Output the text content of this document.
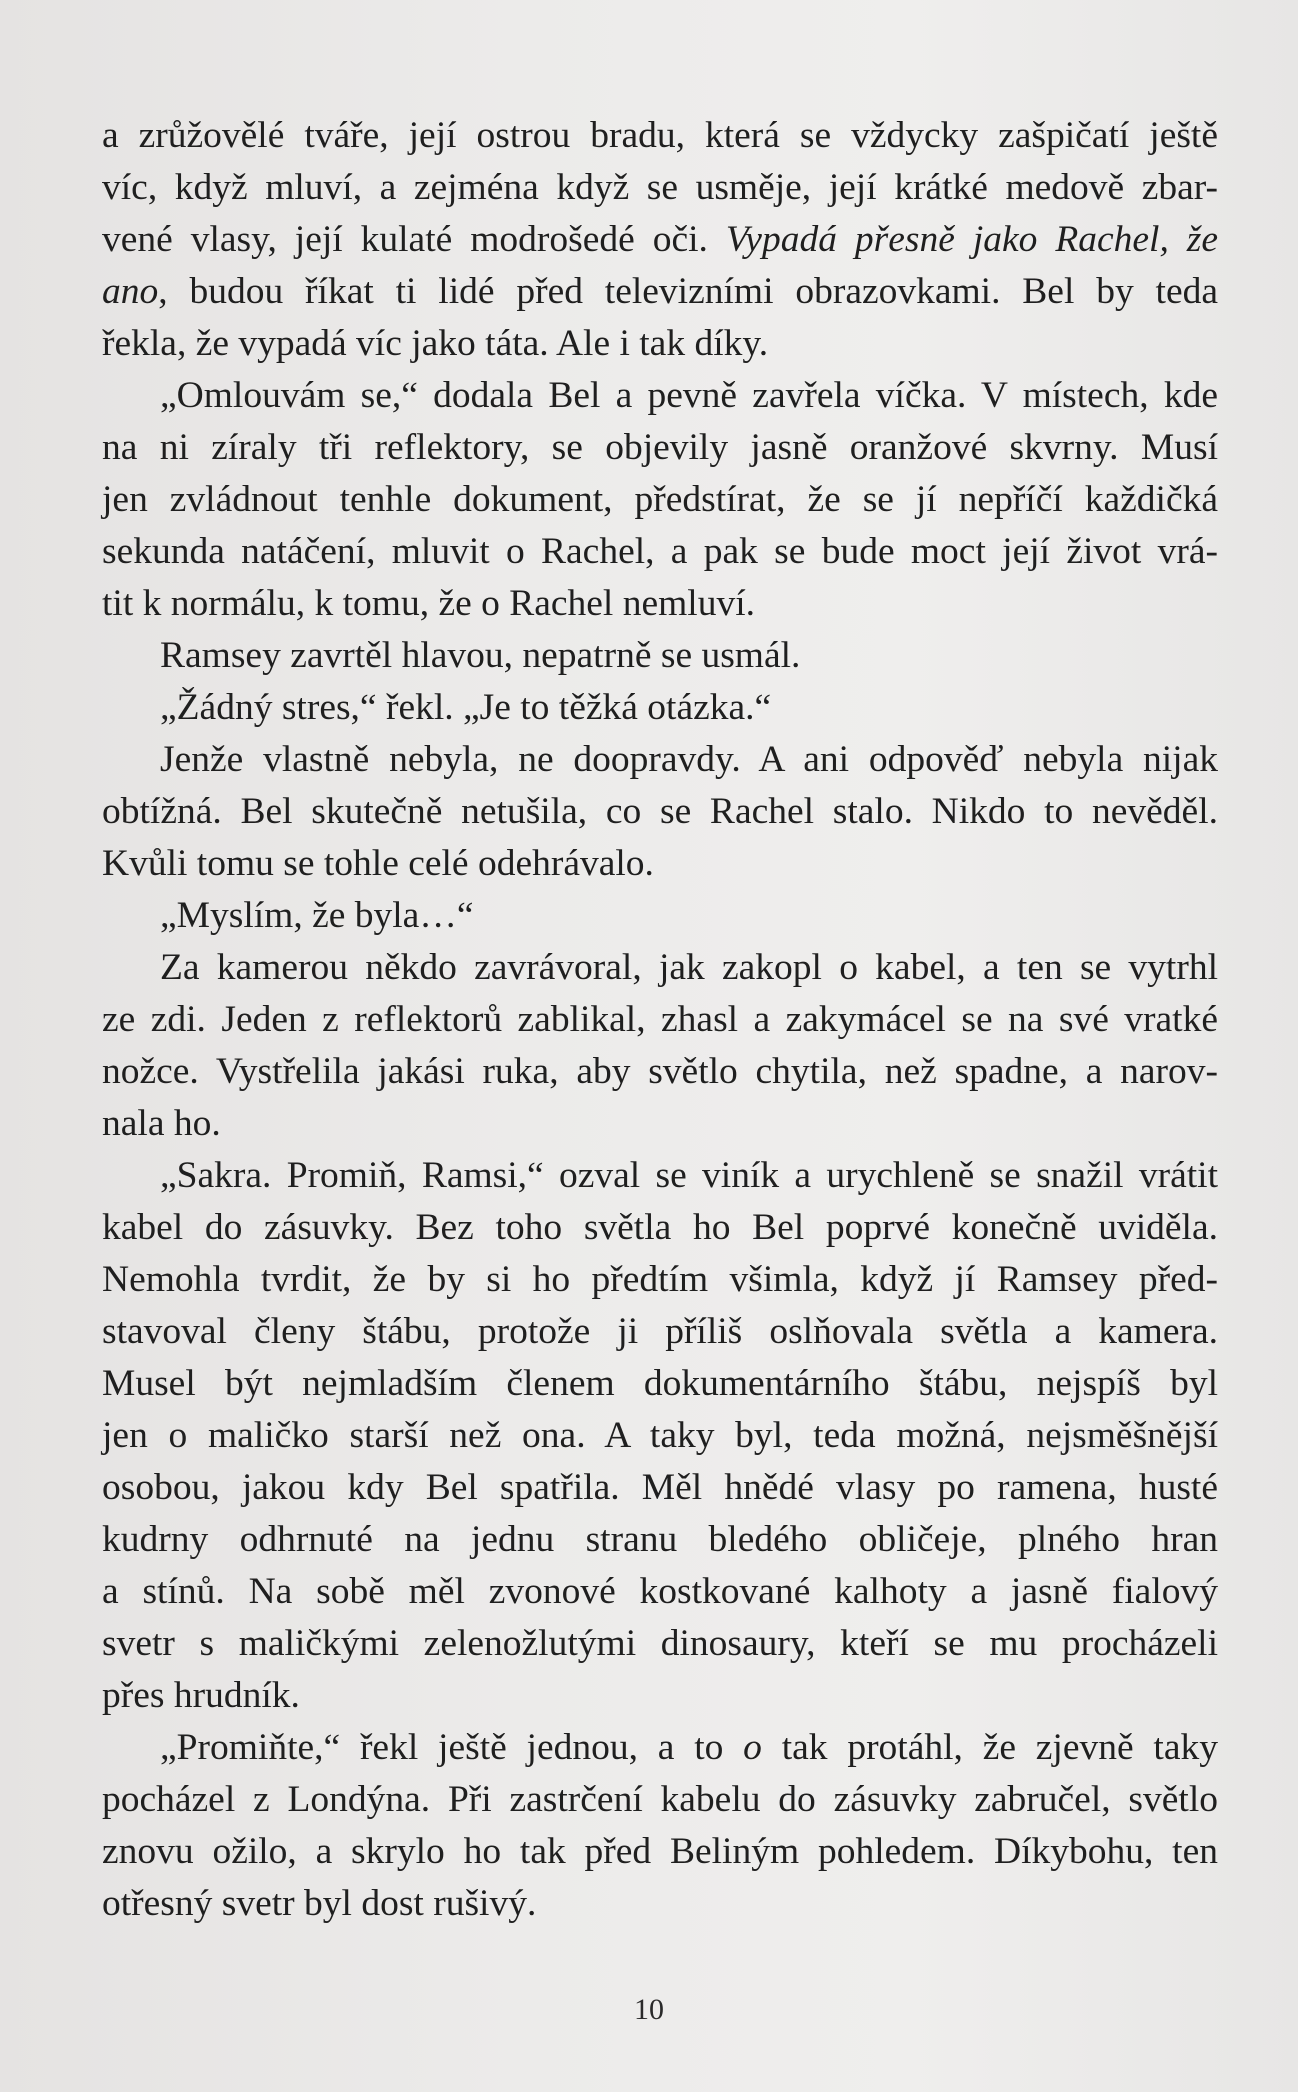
a zrůžovělé tváře, její ostrou bradu, která se vždycky zašpičatí ještě
víc, když mluví, a zejména když se usměje, její krátké medově zbar-
vené vlasy, její kulaté modrošedé oči. Vypadá přesně jako Rachel, že
ano, budou říkat ti lidé před televizními obrazovkami. Bel by teda
řekla, že vypadá víc jako táta. Ale i tak díky.
„Omlouvám se,“ dodala Bel a pevně zavřela víčka. V místech, kde
na ni zíraly tři reflektory, se objevily jasně oranžové skvrny. Musí
jen zvládnout tenhle dokument, předstírat, že se jí nepříčí každičká
sekunda natáčení, mluvit o Rachel, a pak se bude moct její život vrá-
tit k normálu, k tomu, že o Rachel nemluví.
Ramsey zavrtěl hlavou, nepatrně se usmál.
„Žádný stres,“ řekl. „Je to těžká otázka.“
Jenže vlastně nebyla, ne doopravdy. A ani odpověď nebyla nijak
obtížná. Bel skutečně netušila, co se Rachel stalo. Nikdo to nevěděl.
Kvůli tomu se tohle celé odehrávalo.
„Myslím, že byla…“
Za kamerou někdo zavrávoral, jak zakopl o kabel, a ten se vytrhl
ze zdi. Jeden z reflektorů zablikal, zhasl a zakymácel se na své vratké
nožce. Vystřelila jakási ruka, aby světlo chytila, než spadne, a narov-
nala ho.
„Sakra. Promiň, Ramsi,“ ozval se viník a urychleně se snažil vrátit
kabel do zásuvky. Bez toho světla ho Bel poprvé konečně uviděla.
Nemohla tvrdit, že by si ho předtím všimla, když jí Ramsey před-
stavoval členy štábu, protože ji příliš oslňovala světla a kamera.
Musel být nejmladším členem dokumentárního štábu, nejspíš byl
jen o maličko starší než ona. A taky byl, teda možná, nejsměšnější
osobou, jakou kdy Bel spatřila. Měl hnědé vlasy po ramena, husté
kudrny odhrnuté na jednu stranu bledého obličeje, plného hran
a stínů. Na sobě měl zvonové kostkované kalhoty a jasně fialový
svetr s maličkými zelenožlutými dinosaury, kteří se mu procházeli
přes hrudník.
„Promiňte,“ řekl ještě jednou, a to o tak protáhl, že zjevně taky
pocházel z Londýna. Při zastrčení kabelu do zásuvky zabručel, světlo
znovu ožilo, a skrylo ho tak před Beliným pohledem. Díkybohu, ten
otřesný svetr byl dost rušivý.
10
